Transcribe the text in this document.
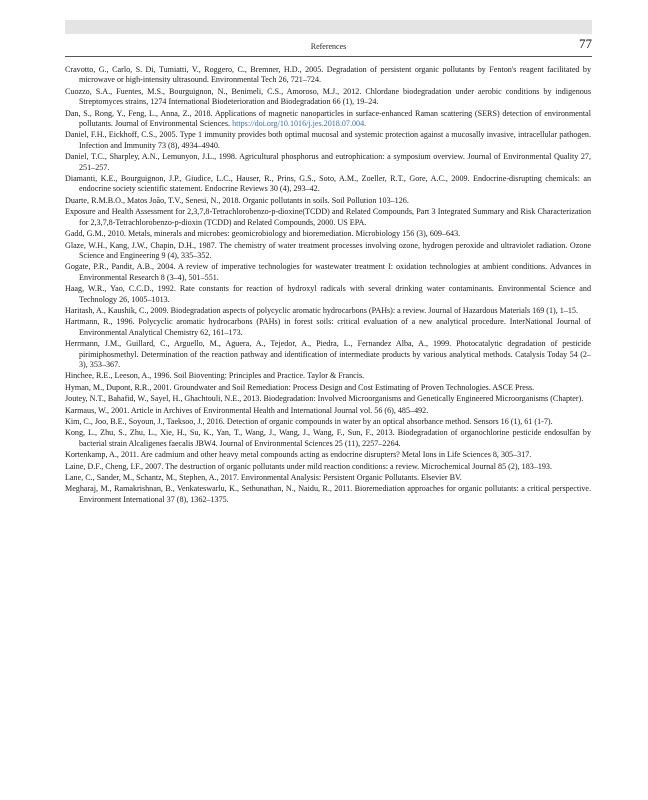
References	77
Cravotto, G., Carlo, S. Di, Tumiatti, V., Roggero, C., Bremner, H.D., 2005. Degradation of persistent organic pollutants by Fenton's reagent facilitated by microwave or high-intensity ultrasound. Environmental Tech 26, 721–724.
Cuozzo, S.A., Fuentes, M.S., Bourguignon, N., Benimeli, C.S., Amoroso, M.J., 2012. Chlordane biodegradation under aerobic conditions by indigenous Streptomyces strains, 1274 International Biodeterioration and Biodegradation 66 (1), 19–24.
Dan, S., Rong, Y., Feng, L., Anna, Z., 2018. Applications of magnetic nanoparticles in surface-enhanced Raman scattering (SERS) detection of environmental pollutants. Journal of Environmental Sciences. https://doi.org/10.1016/j.jes.2018.07.004.
Daniel, F.H., Eickhoff, C.S., 2005. Type 1 immunity provides both optimal mucosal and systemic protection against a mucosally invasive, intracellular pathogen. Infection and Immunity 73 (8), 4934–4940.
Daniel, T.C., Sharpley, A.N., Lemunyon, J.L., 1998. Agricultural phosphorus and eutrophication: a symposium overview. Journal of Environmental Quality 27, 251–257.
Diamanti, K.E., Bourguignon, J.P., Giudice, L.C., Hauser, R., Prins, G.S., Soto, A.M., Zoeller, R.T., Gore, A.C., 2009. Endocrine-disrupting chemicals: an endocrine society scientific statement. Endocrine Reviews 30 (4), 293–42.
Duarte, R.M.B.O., Matos João, T.V., Senesi, N., 2018. Organic pollutants in soils. Soil Pollution 103–126.
Exposure and Health Assessment for 2,3,7,8-Tetrachlorobenzo-p-dioxine(TCDD) and Related Compounds, Part 3 Integrated Summary and Risk Characterization for 2,3,7,8-Tetrachlorobenzo-p-dioxin (TCDD) and Related Compounds, 2000. US EPA.
Gadd, G.M., 2010. Metals, minerals and microbes: geomicrobiology and bioremediation. Microbiology 156 (3), 609–643.
Glaze, W.H., Kang, J.W., Chapin, D.H., 1987. The chemistry of water treatment processes involving ozone, hydrogen peroxide and ultraviolet radiation. Ozone Science and Engineering 9 (4), 335–352.
Gogate, P.R., Pandit, A.B., 2004. A review of imperative technologies for wastewater treatment I: oxidation technologies at ambient conditions. Advances in Environmental Research 8 (3–4), 501–551.
Haag, W.R., Yao, C.C.D., 1992. Rate constants for reaction of hydroxyl radicals with several drinking water contaminants. Environmental Science and Technology 26, 1005–1013.
Haritash, A., Kaushik, C., 2009. Biodegradation aspects of polycyclic aromatic hydrocarbons (PAHs): a review. Journal of Hazardous Materials 169 (1), 1–15.
Hartmann, R., 1996. Polycyclic aromatic hydrocarbons (PAHs) in forest soils: critical evaluation of a new analytical procedure. InterNational Journal of Environmental Analytical Chemistry 62, 161–173.
Herrmann, J.M., Guillard, C., Arguello, M., Aguera, A., Tejedor, A., Piedra, L., Fernandez Alba, A., 1999. Photocatalytic degradation of pesticide pirimiphosmethyl. Determination of the reaction pathway and identification of intermediate products by various analytical methods. Catalysis Today 54 (2–3), 353–367.
Hinchee, R.E., Leeson, A., 1996. Soil Bioventing: Principles and Practice. Taylor & Francis.
Hyman, M., Dupont, R.R., 2001. Groundwater and Soil Remediation: Process Design and Cost Estimating of Proven Technologies. ASCE Press.
Joutey, N.T., Bahafid, W., Sayel, H., Ghachtouli, N.E., 2013. Biodegradation: Involved Microorganisms and Genetically Engineered Microorganisms (Chapter).
Karmaus, W., 2001. Article in Archives of Environmental Health and International Journal vol. 56 (6), 485–492.
Kim, C., Joo, B.E., Soyoun, J., Taeksoo, J., 2016. Detection of organic compounds in water by an optical absorbance method. Sensors 16 (1), 61 (1-7).
Kong, L., Zhu, S., Zhu, L., Xie, H., Su, K., Yan, T., Wang, J., Wang, J., Wang, F., Sun, F., 2013. Biodegradation of organochlorine pesticide endosulfan by bacterial strain Alcaligenes faecalis JBW4. Journal of Environmental Sciences 25 (11), 2257–2264.
Kortenkamp, A., 2011. Are cadmium and other heavy metal compounds acting as endocrine disrupters? Metal Ions in Life Sciences 8, 305–317.
Laine, D.F., Cheng, I.F., 2007. The destruction of organic pollutants under mild reaction conditions: a review. Microchemical Journal 85 (2), 183–193.
Lane, C., Sander, M., Schantz, M., Stephen, A., 2017. Environmental Analysis: Persistent Organic Pollutants. Elsevier BV.
Megharaj, M., Ramakrishnan, B., Venkateswarlu, K., Sethunathan, N., Naidu, R., 2011. Bioremediation approaches for organic pollutants: a critical perspective. Environment International 37 (8), 1362–1375.
